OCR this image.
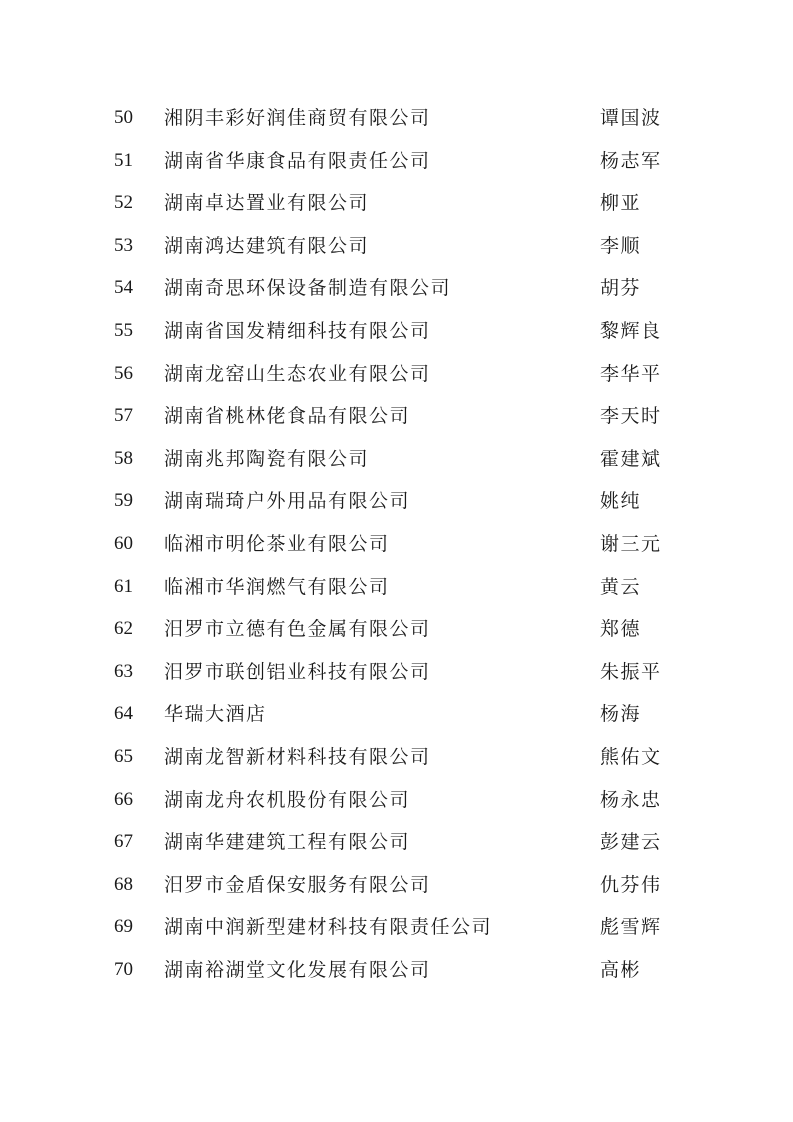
50	湘阴丰彩好润佳商贸有限公司	谭国波
51	湖南省华康食品有限责任公司	杨志军
52	湖南卓达置业有限公司	柳亚
53	湖南鸿达建筑有限公司	李顺
54	湖南奇思环保设备制造有限公司	胡芬
55	湖南省国发精细科技有限公司	黎辉良
56	湖南龙窑山生态农业有限公司	李华平
57	湖南省桃林佬食品有限公司	李天时
58	湖南兆邦陶瓷有限公司	霍建斌
59	湖南瑞琦户外用品有限公司	姚纯
60	临湘市明伦茶业有限公司	谢三元
61	临湘市华润燃气有限公司	黄云
62	汨罗市立德有色金属有限公司	郑德
63	汨罗市联创铝业科技有限公司	朱振平
64	华瑞大酒店	杨海
65	湖南龙智新材料科技有限公司	熊佑文
66	湖南龙舟农机股份有限公司	杨永忠
67	湖南华建建筑工程有限公司	彭建云
68	汨罗市金盾保安服务有限公司	仇芬伟
69	湖南中润新型建材科技有限责任公司	彪雪辉
70	湖南裕湖堂文化发展有限公司	高彬
